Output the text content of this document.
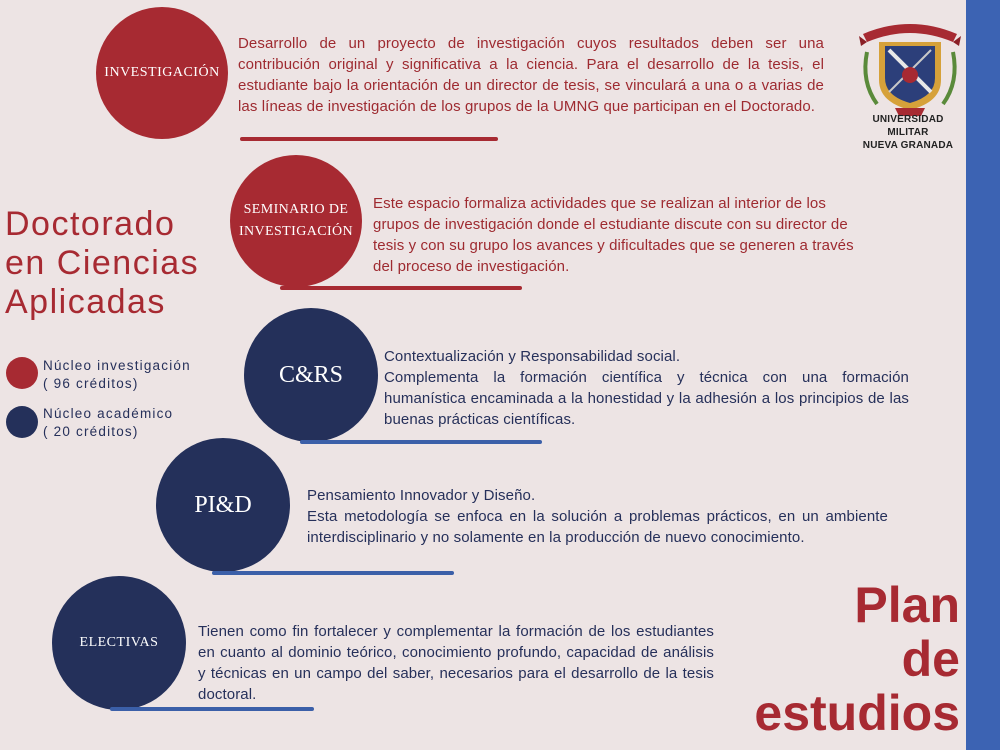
UNIVERSIDAD MILITAR
NUEVA GRANADA
Doctorado
en Ciencias
Aplicadas
Núcleo investigación
( 96 créditos)
Núcleo académico
( 20 créditos)
INVESTIGACIÓN
Desarrollo de un proyecto de investigación cuyos resultados deben ser una contribución original y significativa a la ciencia. Para el desarrollo de la tesis, el estudiante bajo la orientación de un director de tesis, se vinculará a una o a varias de las líneas de investigación de los grupos de la UMNG que participan en el Doctorado.
SEMINARIO DE
INVESTIGACIÓN
Este espacio formaliza actividades que se realizan al interior de los grupos de investigación donde el estudiante discute con su director de tesis y con su grupo los avances y dificultades que se generen a través del proceso de investigación.
C&RS
Contextualización y Responsabilidad social.
Complementa la formación científica y técnica con una formación humanística encaminada a la honestidad y la adhesión a los principios de las buenas prácticas científicas.
PI&D	Pensamiento Innovador y Diseño.
Esta metodología se enfoca en la solución a problemas prácticos, en un ambiente interdisciplinario y no solamente en la producción de nuevo conocimiento.
ELECTIVAS
Tienen como fin fortalecer y complementar la formación de los estudiantes en cuanto al dominio teórico, conocimiento profundo, capacidad de análisis y técnicas en un campo del saber, necesarios para el desarrollo de la tesis doctoral.
Plan
de
estudios
